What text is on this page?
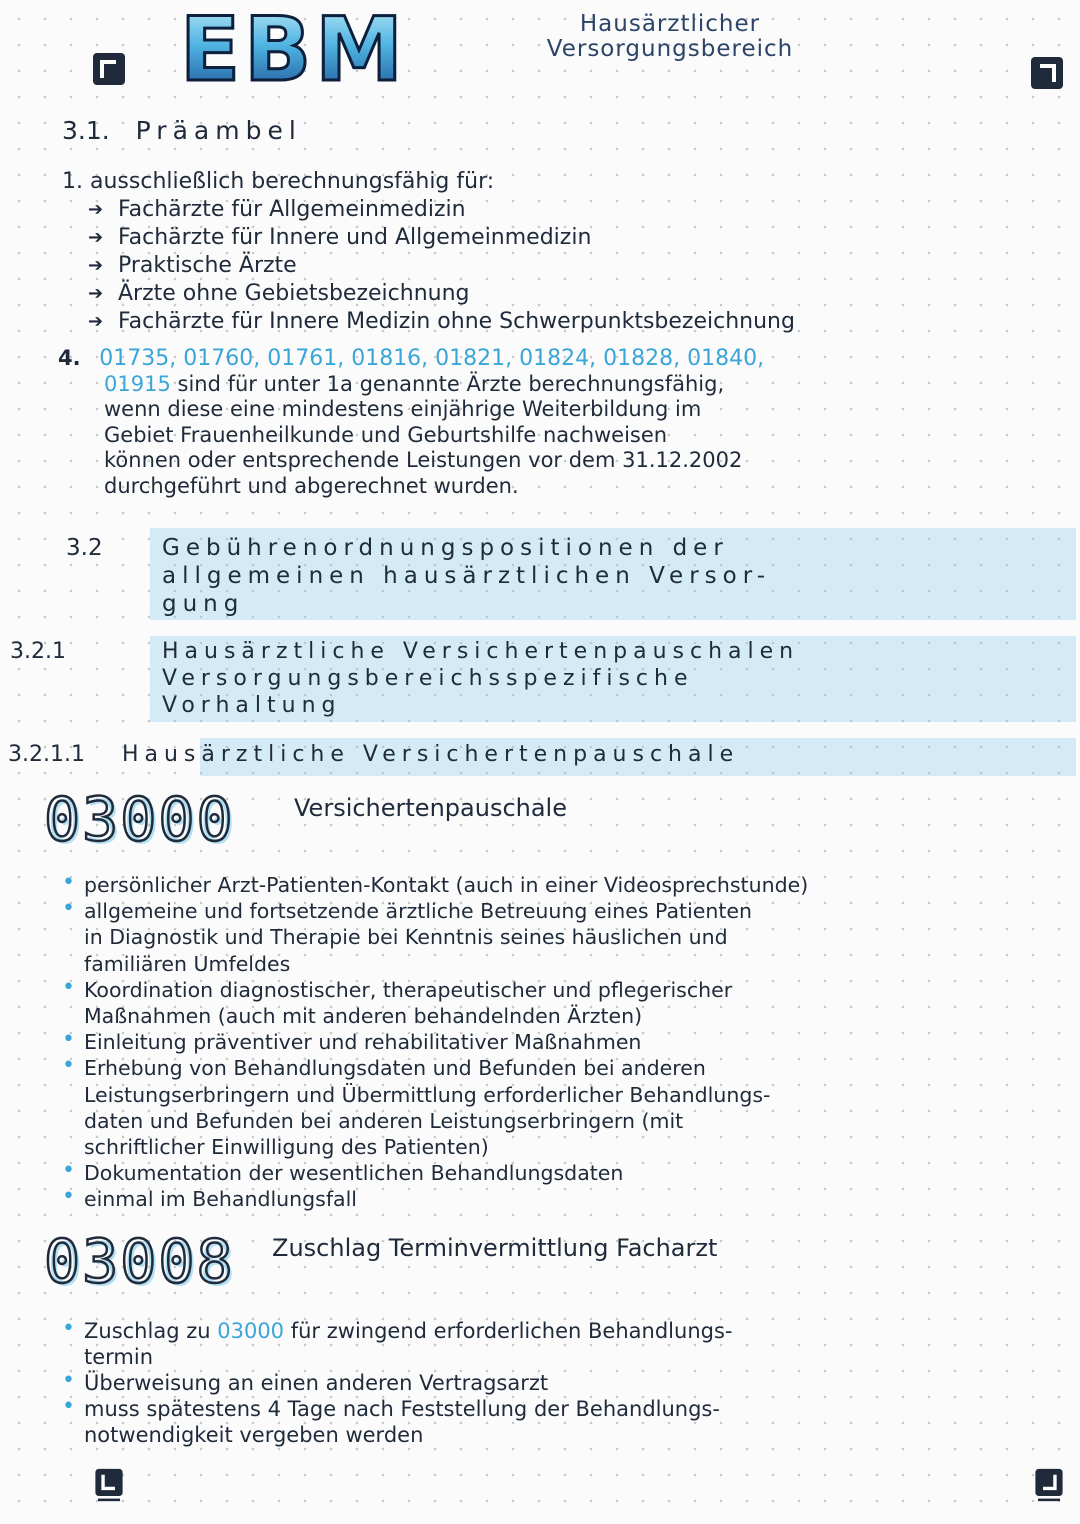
EBM	Hausärztlicher
Versorgungsbereich
3.1. Präambel
1. ausschließlich berechnungsfähig für:
➔ Fachärzte für Allgemeinmedizin
➔ Fachärzte für Innere und Allgemeinmedizin
➔ Praktische Ärzte
➔ Ärzte ohne Gebietsbezeichnung
➔ Fachärzte für Innere Medizin ohne Schwerpunktsbezeichnung
4. 01735, 01760, 01761, 01816, 01821, 01824, 01828, 01840,
01915 sind für unter 1a genannte Ärzte berechnungsfähig,
wenn diese eine mindestens einjährige Weiterbildung im
Gebiet Frauenheilkunde und Geburtshilfe nachweisen
können oder entsprechende Leistungen vor dem 31.12.2002
durchgeführt und abgerechnet wurden.
3.2	Gebührenordnungspositionen der
allgemeinen hausärztlichen Versor-
gung
3.2.1	Hausärztliche Versichertenpauschalen
Versorgungsbereichsspezifische
Vorhaltung
3.2.1.1 Hausärztliche Versichertenpauschale
03000 Versichertenpauschale
• persönlicher Arzt-Patienten-Kontakt (auch in einer Videosprechstunde)
• allgemeine und fortsetzende ärztliche Betreuung eines Patienten
in Diagnostik und Therapie bei Kenntnis seines häuslichen und
familiären Umfeldes
• Koordination diagnostischer, therapeutischer und pflegerischer
Maßnahmen (auch mit anderen behandelnden Ärzten)
• Einleitung präventiver und rehabilitativer Maßnahmen
• Erhebung von Behandlungsdaten und Befunden bei anderen
Leistungserbringern und Übermittlung erforderlicher Behandlungs-
daten und Befunden bei anderen Leistungserbringern (mit
schriftlicher Einwilligung des Patienten)
• Dokumentation der wesentlichen Behandlungsdaten
• einmal im Behandlungsfall
03008 Zuschlag Terminvermittlung Facharzt
• Zuschlag zu 03000 für zwingend erforderlichen Behandlungs-
termin
• Überweisung an einen anderen Vertragsarzt
• muss spätestens 4 Tage nach Feststellung der Behandlungs-
notwendigkeit vergeben werden
